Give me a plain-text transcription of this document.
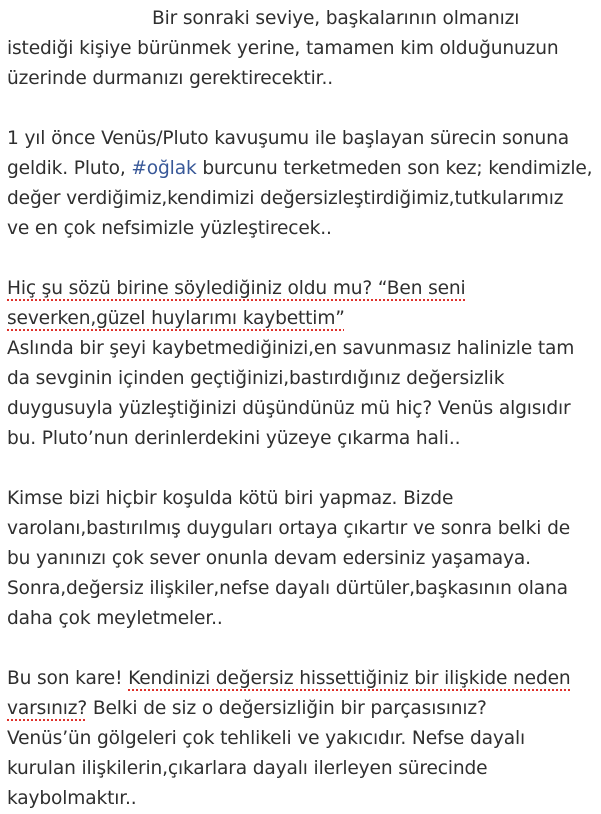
Bir sonraki seviye, başkalarının olmanızı
istediği kişiye bürünmek yerine, tamamen kim olduğunuzun
üzerinde durmanızı gerektirecektir..

1 yıl önce Venüs/Pluto kavuşumu ile başlayan sürecin sonuna
geldik. Pluto, #oğlak burcunu terketmeden son kez; kendimizle,
değer verdiğimiz,kendimizi değersizleştirdiğimiz,tutkularımız
ve en çok nefsimizle yüzleştirecek..

Hiç şu sözü birine söylediğiniz oldu mu? “Ben seni
severken,güzel huylarımı kaybettim”
Aslında bir şeyi kaybetmediğinizi,en savunmasız halinizle tam
da sevginin içinden geçtiğinizi,bastırdığınız değersizlik
duygusuyla yüzleştiğinizi düşündünüz mü hiç? Venüs algısıdır
bu. Pluto’nun derinlerdekini yüzeye çıkarma hali..

Kimse bizi hiçbir koşulda kötü biri yapmaz. Bizde
varolanı,bastırılmış duyguları ortaya çıkartır ve sonra belki de
bu yanınızı çok sever onunla devam edersiniz yaşamaya.
Sonra,değersiz ilişkiler,nefse dayalı dürtüler,başkasının olana
daha çok meyletmeler..

Bu son kare! Kendinizi değersiz hissettiğiniz bir ilişkide neden
varsınız? Belki de siz o değersizliğin bir parçasısınız?
Venüs’ün gölgeleri çok tehlikeli ve yakıcıdır. Nefse dayalı
kurulan ilişkilerin,çıkarlara dayalı ilerleyen sürecinde
kaybolmaktır..
